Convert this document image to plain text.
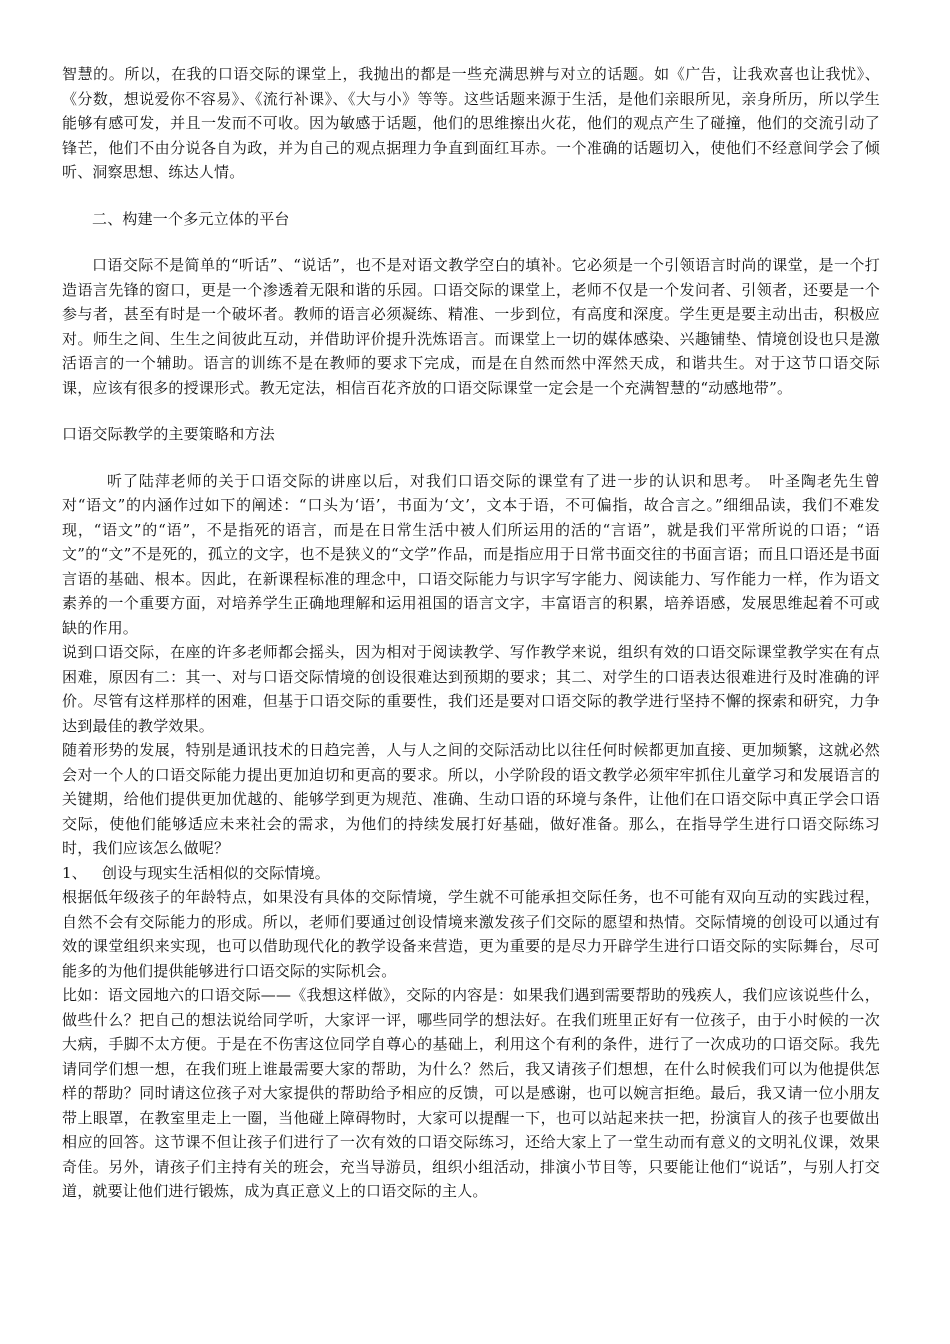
智慧的。所以，在我的口语交际的课堂上，我抛出的都是一些充满思辨与对立的话题。如《广告，让我欢喜也让我忧》、《分数，想说爱你不容易》、《流行补课》、《大与小》等等。这些话题来源于生活，是他们亲眼所见，亲身所历，所以学生能够有感可发，并且一发而不可收。因为敏感于话题，他们的思维擦出火花，他们的观点产生了碰撞，他们的交流引动了锋芒，他们不由分说各自为政，并为自己的观点据理力争直到面红耳赤。一个准确的话题切入，使他们不经意间学会了倾听、洞察思想、练达人情。

二、构建一个多元立体的平台

口语交际不是简单的“听话”、“说话”，也不是对语文教学空白的填补。它必须是一个引领语言时尚的课堂，是一个打造语言先锋的窗口，更是一个渗透着无限和谐的乐园。口语交际的课堂上，老师不仅是一个发问者、引领者，还要是一个参与者，甚至有时是一个破坏者。教师的语言必须凝练、精准、一步到位，有高度和深度。学生更是要主动出击，积极应对。师生之间、生生之间彼此互动，并借助评价提升洗炼语言。而课堂上一切的媒体感染、兴趣铺垫、情境创设也只是激活语言的一个辅助。语言的训练不是在教师的要求下完成，而是在自然而然中浑然天成，和谐共生。对于这节口语交际课，应该有很多的授课形式。教无定法，相信百花齐放的口语交际课堂一定会是一个充满智慧的“动感地带”。

口语交际教学的主要策略和方法

听了陆萍老师的关于口语交际的讲座以后，对我们口语交际的课堂有了进一步的认识和思考。　叶圣陶老先生曾对“语文”的内涵作过如下的阐述：“口头为‘语’，书面为‘文’，文本于语，不可偏指，故合言之。”细细品读，我们不难发现，“语文”的“语”，不是指死的语言，而是在日常生活中被人们所运用的活的“言语”，就是我们平常所说的口语；“语文”的“文”不是死的，孤立的文字，也不是狭义的“文学”作品，而是指应用于日常书面交往的书面言语；而且口语还是书面言语的基础、根本。因此，在新课程标准的理念中，口语交际能力与识字写字能力、阅读能力、写作能力一样，作为语文素养的一个重要方面，对培养学生正确地理解和运用祖国的语言文字，丰富语言的积累，培养语感，发展思维起着不可或缺的作用。

说到口语交际，在座的许多老师都会摇头，因为相对于阅读教学、写作教学来说，组织有效的口语交际课堂教学实在有点困难，原因有二：其一、对与口语交际情境的创设很难达到预期的要求；其二、对学生的口语表达很难进行及时准确的评价。尽管有这样那样的困难，但基于口语交际的重要性，我们还是要对口语交际的教学进行坚持不懈的探索和研究，力争达到最佳的教学效果。

随着形势的发展，特别是通讯技术的日趋完善，人与人之间的交际活动比以往任何时候都更加直接、更加频繁，这就必然会对一个人的口语交际能力提出更加迫切和更高的要求。所以，小学阶段的语文教学必须牢牢抓住儿童学习和发展语言的关键期，给他们提供更加优越的、能够学到更为规范、准确、生动口语的环境与条件，让他们在口语交际中真正学会口语交际，使他们能够适应未来社会的需求，为他们的持续发展打好基础，做好准备。那么，在指导学生进行口语交际练习时，我们应该怎么做呢？

1、	创设与现实生活相似的交际情境。

根据低年级孩子的年龄特点，如果没有具体的交际情境，学生就不可能承担交际任务，也不可能有双向互动的实践过程，自然不会有交际能力的形成。所以，老师们要通过创设情境来激发孩子们交际的愿望和热情。交际情境的创设可以通过有效的课堂组织来实现，也可以借助现代化的教学设备来营造，更为重要的是尽力开辟学生进行口语交际的实际舞台，尽可能多的为他们提供能够进行口语交际的实际机会。

比如：语文园地六的口语交际——《我想这样做》，交际的内容是：如果我们遇到需要帮助的残疾人，我们应该说些什么，做些什么？把自己的想法说给同学听，大家评一评，哪些同学的想法好。在我们班里正好有一位孩子，由于小时候的一次大病，手脚不太方便。于是在不伤害这位同学自尊心的基础上，利用这个有利的条件，进行了一次成功的口语交际。我先请同学们想一想，在我们班上谁最需要大家的帮助，为什么？然后，我又请孩子们想想，在什么时候我们可以为他提供怎样的帮助？同时请这位孩子对大家提供的帮助给予相应的反馈，可以是感谢，也可以婉言拒绝。最后，我又请一位小朋友带上眼罩，在教室里走上一圈，当他碰上障碍物时，大家可以提醒一下，也可以站起来扶一把，扮演盲人的孩子也要做出相应的回答。这节课不但让孩子们进行了一次有效的口语交际练习，还给大家上了一堂生动而有意义的文明礼仪课，效果奇佳。另外，请孩子们主持有关的班会，充当导游员，组织小组活动，排演小节目等，只要能让他们“说话”，与别人打交道，就要让他们进行锻炼，成为真正意义上的口语交际的主人。
